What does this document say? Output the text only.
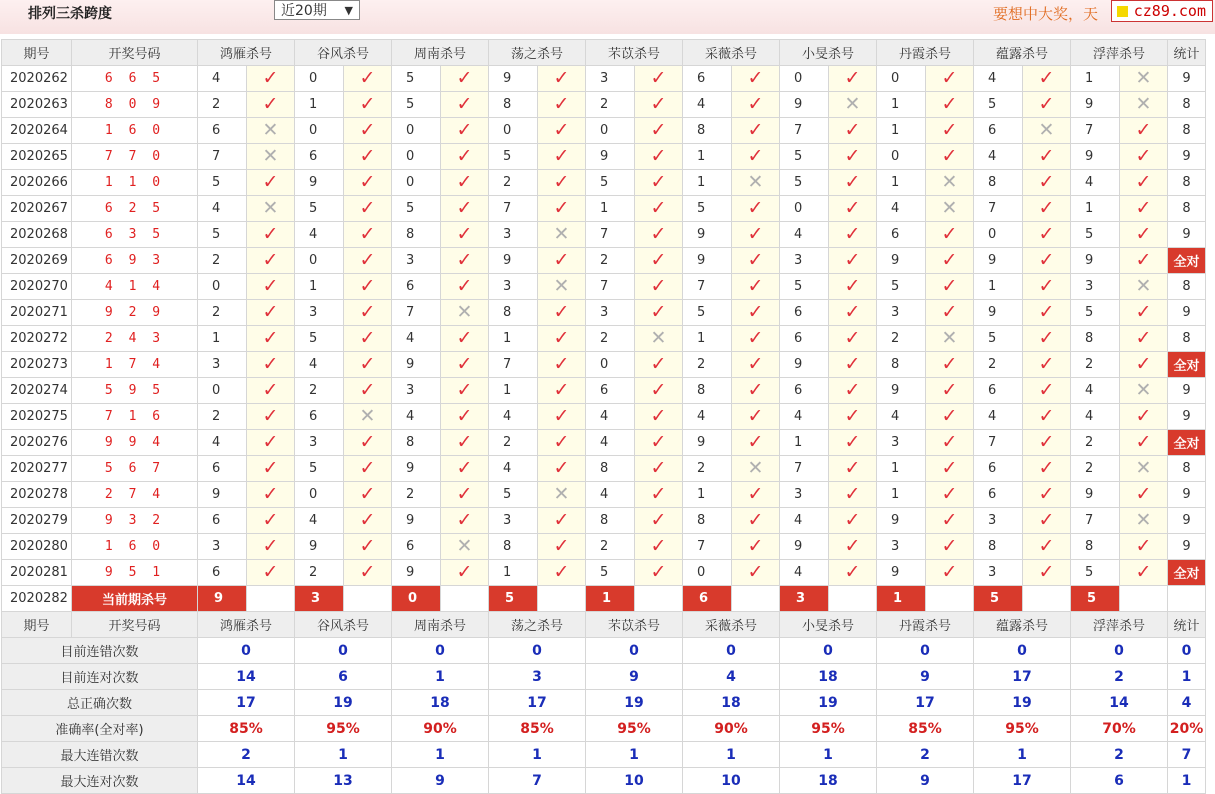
排列三杀跨度	近20期 ▼	要想中大奖，天	cz89.com
期号	开奖号码	鸿雁杀号		谷风杀号		周南杀号		荡之杀号		芣苡杀号		采薇杀号		小旻杀号		丹霞杀号		蕴露杀号		浮萍杀号		统计
2020262	6 6 5	4	✓	0	✓	5	✓	9	✓	3	✓	6	✓	0	✓	0	✓	4	✓	1	✕	9
2020263	8 0 9	2	✓	1	✓	5	✓	8	✓	2	✓	4	✓	9	✕	1	✓	5	✓	9	✕	8
2020264	1 6 0	6	✕	0	✓	0	✓	0	✓	0	✓	8	✓	7	✓	1	✓	6	✕	7	✓	8
2020265	7 7 0	7	✕	6	✓	0	✓	5	✓	9	✓	1	✓	5	✓	0	✓	4	✓	9	✓	9
2020266	1 1 0	5	✓	9	✓	0	✓	2	✓	5	✓	1	✕	5	✓	1	✕	8	✓	4	✓	8
2020267	6 2 5	4	✕	5	✓	5	✓	7	✓	1	✓	5	✓	0	✓	4	✕	7	✓	1	✓	8
2020268	6 3 5	5	✓	4	✓	8	✓	3	✕	7	✓	9	✓	4	✓	6	✓	0	✓	5	✓	9
2020269	6 9 3	2	✓	0	✓	3	✓	9	✓	2	✓	9	✓	3	✓	9	✓	9	✓	9	✓	全对
2020270	4 1 4	0	✓	1	✓	6	✓	3	✕	7	✓	7	✓	5	✓	5	✓	1	✓	3	✕	8
2020271	9 2 9	2	✓	3	✓	7	✕	8	✓	3	✓	5	✓	6	✓	3	✓	9	✓	5	✓	9
2020272	2 4 3	1	✓	5	✓	4	✓	1	✓	2	✕	1	✓	6	✓	2	✕	5	✓	8	✓	8
2020273	1 7 4	3	✓	4	✓	9	✓	7	✓	0	✓	2	✓	9	✓	8	✓	2	✓	2	✓	全对
2020274	5 9 5	0	✓	2	✓	3	✓	1	✓	6	✓	8	✓	6	✓	9	✓	6	✓	4	✕	9
2020275	7 1 6	2	✓	6	✕	4	✓	4	✓	4	✓	4	✓	4	✓	4	✓	4	✓	4	✓	9
2020276	9 9 4	4	✓	3	✓	8	✓	2	✓	4	✓	9	✓	1	✓	3	✓	7	✓	2	✓	全对
2020277	5 6 7	6	✓	5	✓	9	✓	4	✓	8	✓	2	✕	7	✓	1	✓	6	✓	2	✕	8
2020278	2 7 4	9	✓	0	✓	2	✓	5	✕	4	✓	1	✓	3	✓	1	✓	6	✓	9	✓	9
2020279	9 3 2	6	✓	4	✓	9	✓	3	✓	8	✓	8	✓	4	✓	9	✓	3	✓	7	✕	9
2020280	1 6 0	3	✓	9	✓	6	✕	8	✓	2	✓	7	✓	9	✓	3	✓	8	✓	8	✓	9
2020281	9 5 1	6	✓	2	✓	9	✓	1	✓	5	✓	0	✓	4	✓	9	✓	3	✓	5	✓	全对
2020282	当前期杀号	9		3		0		5		1		6		3		1		5		5		
期号	开奖号码	鸿雁杀号		谷风杀号		周南杀号		荡之杀号		芣苡杀号		采薇杀号		小旻杀号		丹霞杀号		蕴露杀号		浮萍杀号		统计
目前连错次数		0		0		0		0		0		0		0		0		0		0		0
目前连对次数		14		6		1		3		9		4		18		9		17		2		1
总正确次数		17		19		18		17		19		18		19		17		19		14		4
准确率(全对率)		85%		95%		90%		85%		95%		90%		95%		85%		95%		70%		20%
最大连错次数		2		1		1		1		1		1		1		2		1		2		7
最大连对次数		14		13		9		7		10		10		18		9		17		6		1
